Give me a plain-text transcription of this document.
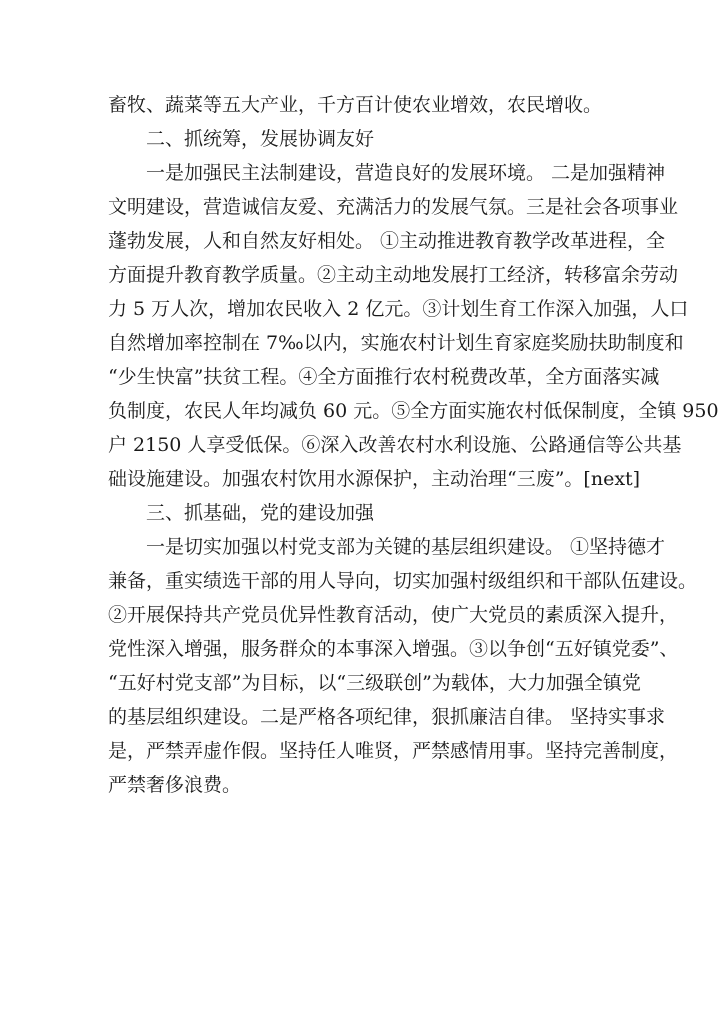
畜牧、蔬菜等五大产业，千方百计使农业增效，农民增收。
二、抓统筹，发展协调友好
一是加强民主法制建设，营造良好的发展环境。 二是加强精神
文明建设，营造诚信友爱、充满活力的发展气氛。三是社会各项事业
蓬勃发展，人和自然友好相处。 ①主动推进教育教学改革进程，全
方面提升教育教学质量。②主动主动地发展打工经济，转移富余劳动
力 5 万人次，增加农民收入 2 亿元。③计划生育工作深入加强，人口
自然增加率控制在 7‰以内，实施农村计划生育家庭奖励扶助制度和
“少生快富”扶贫工程。④全方面推行农村税费改革，全方面落实减
负制度，农民人年均减负 60 元。⑤全方面实施农村低保制度，全镇 950
户 2150 人享受低保。⑥深入改善农村水利设施、公路通信等公共基
础设施建设。加强农村饮用水源保护，主动治理“三废”。[next]
三、抓基础，党的建设加强
一是切实加强以村党支部为关键的基层组织建设。 ①坚持德才
兼备，重实绩选干部的用人导向，切实加强村级组织和干部队伍建设。
②开展保持共产党员优异性教育活动，使广大党员的素质深入提升，
党性深入增强，服务群众的本事深入增强。③以争创“五好镇党委”、
“五好村党支部”为目标，以“三级联创”为载体，大力加强全镇党
的基层组织建设。二是严格各项纪律，狠抓廉洁自律。 坚持实事求
是，严禁弄虚作假。坚持任人唯贤，严禁感情用事。坚持完善制度，
严禁奢侈浪费。
